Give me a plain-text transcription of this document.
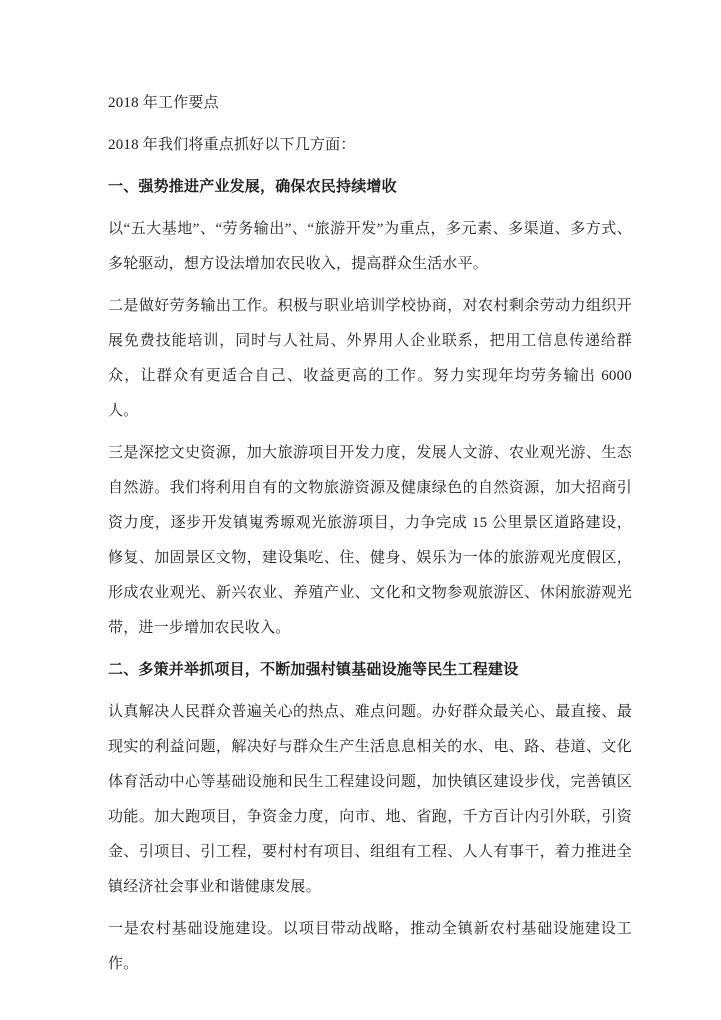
2018 年工作要点

2018 年我们将重点抓好以下几方面：

一、强势推进产业发展，确保农民持续增收

以“五大基地”、“劳务输出”、“旅游开发”为重点，多元素、多渠道、多方式、多轮驱动，想方设法增加农民收入，提高群众生活水平。

二是做好劳务输出工作。积极与职业培训学校协商，对农村剩余劳动力组织开展免费技能培训，同时与人社局、外界用人企业联系，把用工信息传递给群众，让群众有更适合自己、收益更高的工作。努力实现年均劳务输出 6000 人。

三是深挖文史资源，加大旅游项目开发力度，发展人文游、农业观光游、生态自然游。我们将利用自有的文物旅游资源及健康绿色的自然资源，加大招商引资力度，逐步开发镇嵬秀塬观光旅游项目，力争完成 15 公里景区道路建设，修复、加固景区文物，建设集吃、住、健身、娱乐为一体的旅游观光度假区，形成农业观光、新兴农业、养殖产业、文化和文物参观旅游区、休闲旅游观光带，进一步增加农民收入。

二、多策并举抓项目，不断加强村镇基础设施等民生工程建设

认真解决人民群众普遍关心的热点、难点问题。办好群众最关心、最直接、最现实的利益问题，解决好与群众生产生活息息相关的水、电、路、巷道、文化体育活动中心等基础设施和民生工程建设问题，加快镇区建设步伐，完善镇区功能。加大跑项目，争资金力度，向市、地、省跑，千方百计内引外联，引资金、引项目、引工程，要村村有项目、组组有工程、人人有事干，着力推进全镇经济社会事业和谐健康发展。

一是农村基础设施建设。以项目带动战略，推动全镇新农村基础设施建设工作。
